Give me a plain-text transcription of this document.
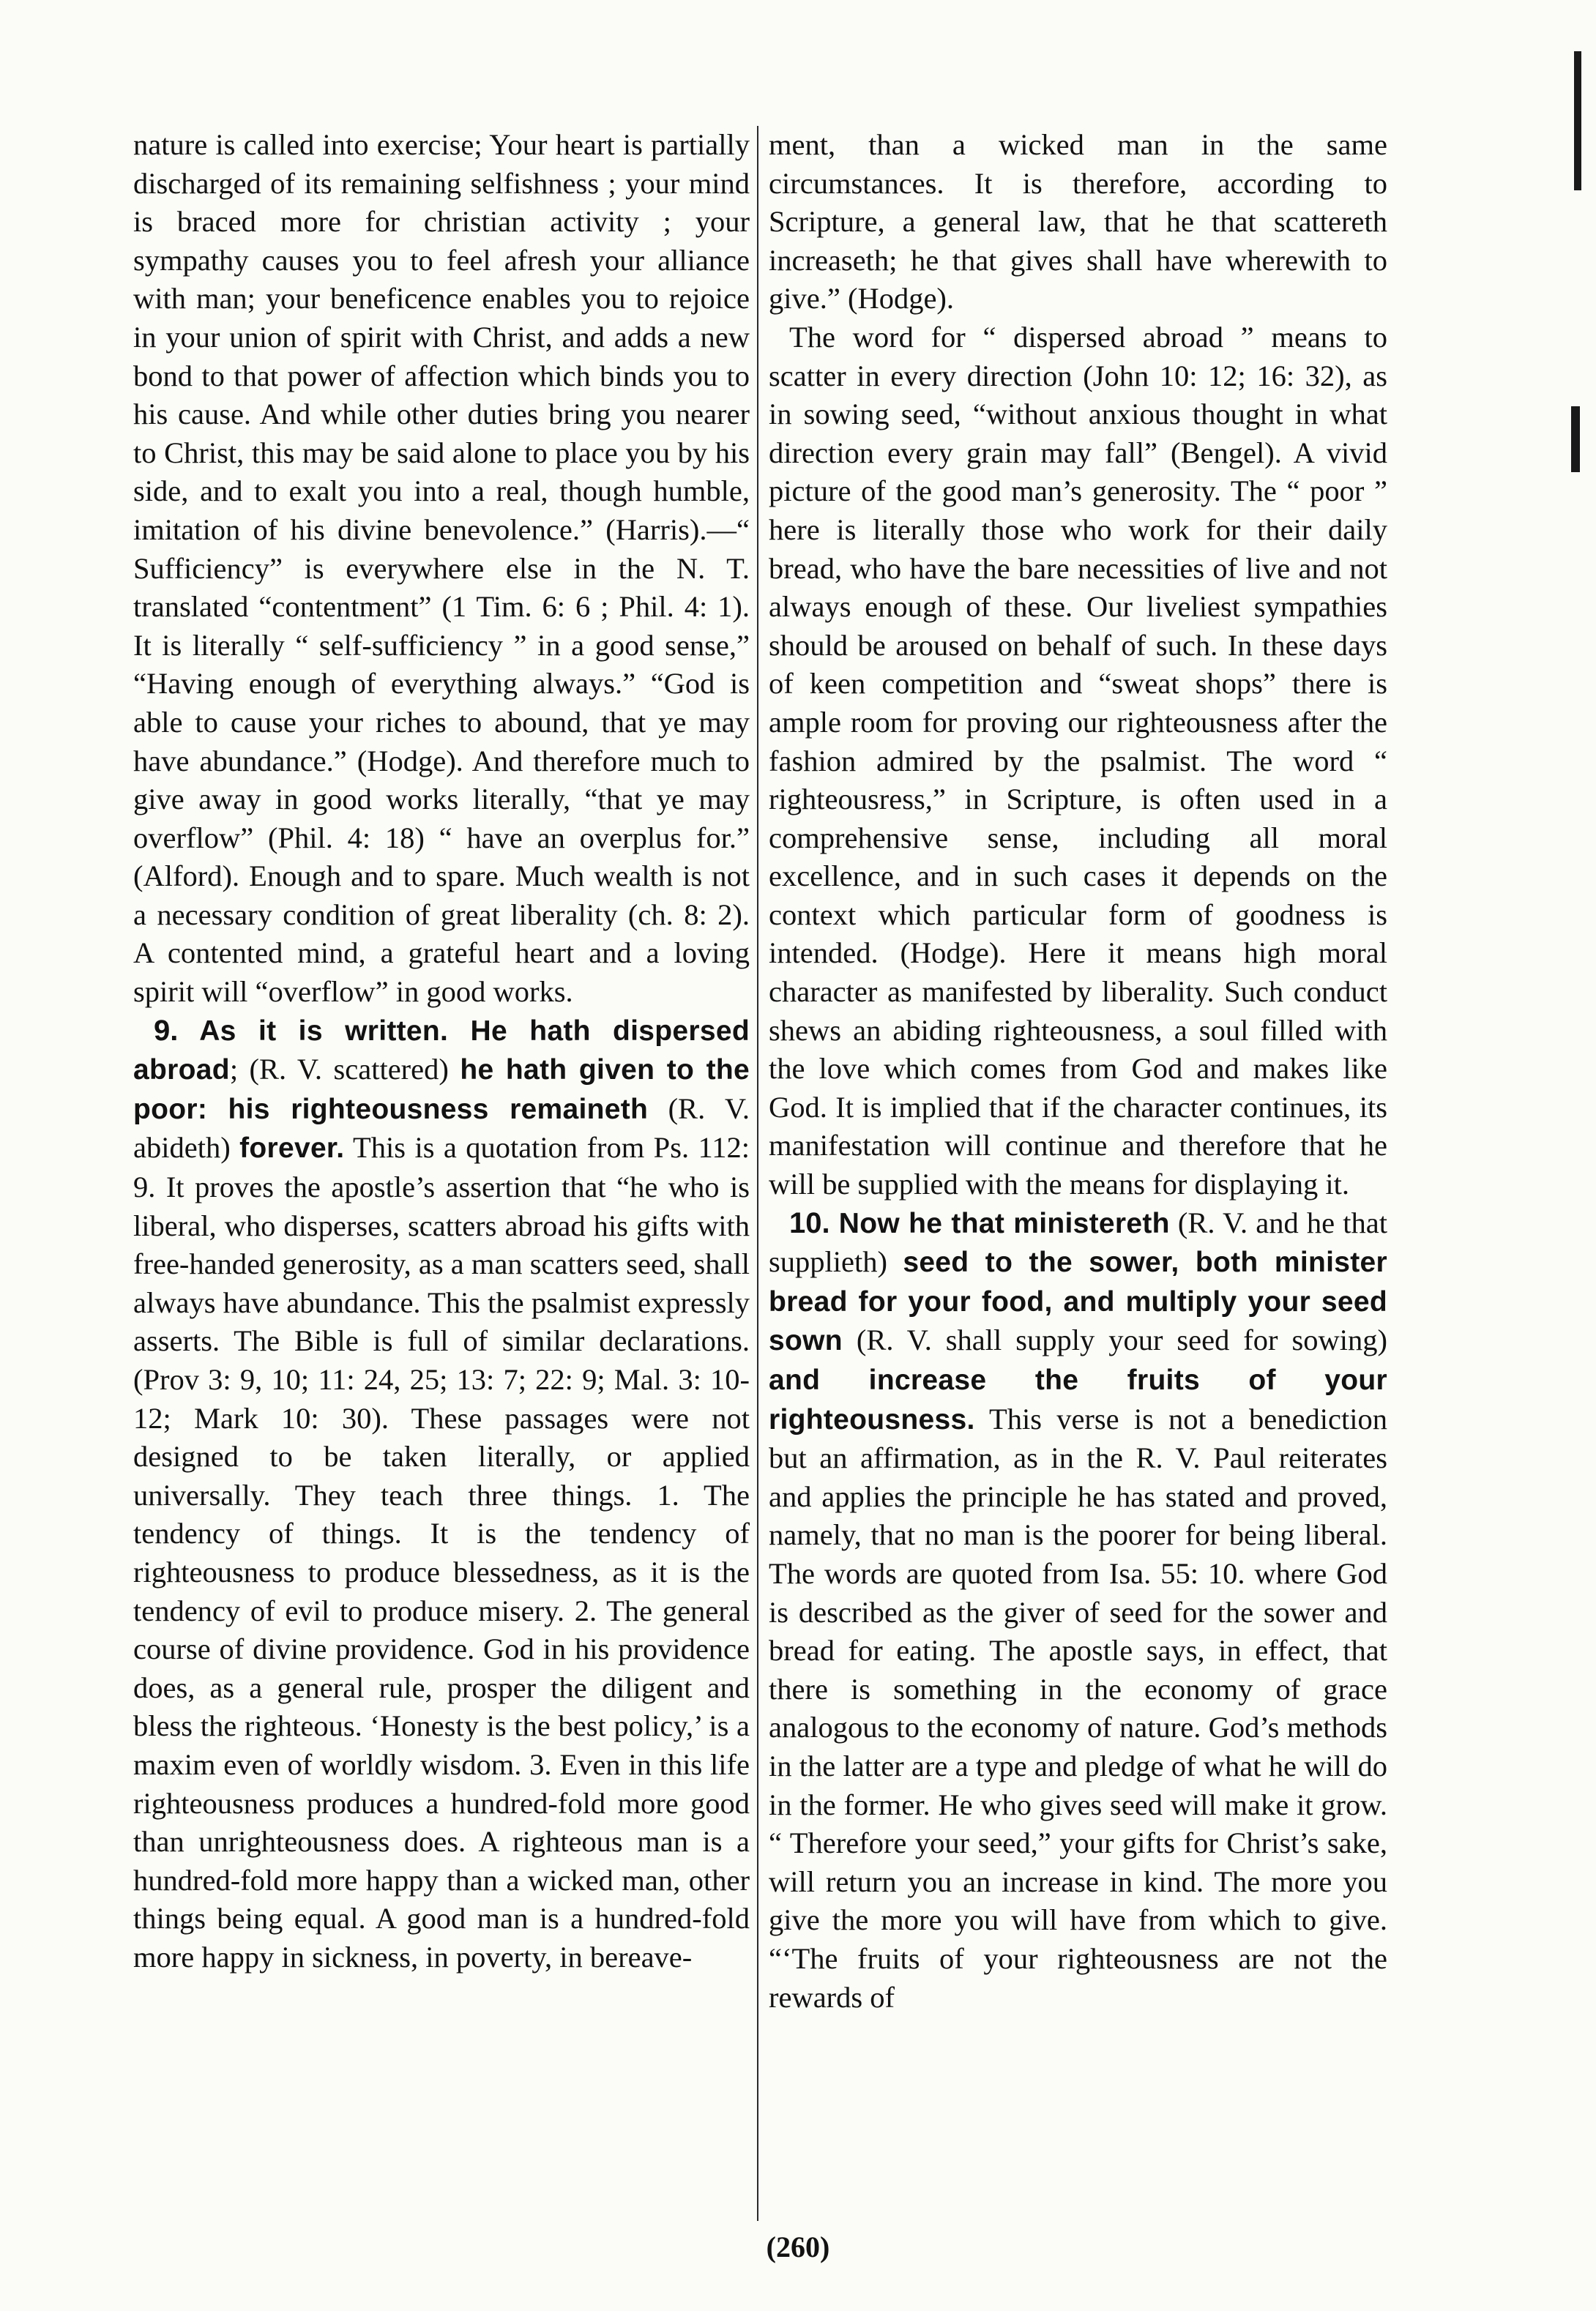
nature is called into exercise; Your heart is partially discharged of its remaining selfishness ; your mind is braced more for christian activity ; your sympathy causes you to feel afresh your alliance with man; your beneficence enables you to rejoice in your union of spirit with Christ, and adds a new bond to that power of affection which binds you to his cause. And while other duties bring you nearer to Christ, this may be said alone to place you by his side, and to exalt you into a real, though humble, imitation of his divine benevolence.” (Harris).—“ Sufficiency” is everywhere else in the N. T. translated “contentment” (1 Tim. 6: 6 ; Phil. 4: 1). It is literally “ self-sufficiency ” in a good sense,” “Having enough of everything always.” “God is able to cause your riches to abound, that ye may have abundance.” (Hodge). And therefore much to give away in good works literally, “that ye may overflow” (Phil. 4: 18) “ have an overplus for.” (Alford). Enough and to spare. Much wealth is not a necessary condition of great liberality (ch. 8: 2). A contented mind, a grateful heart and a loving spirit will “overflow” in good works.

9. As it is written. He hath dispersed abroad; (R. V. scattered) he hath given to the poor: his righteousness remaineth (R. V. abideth) forever. This is a quotation from Ps. 112: 9. It proves the apostle’s assertion that “he who is liberal, who disperses, scatters abroad his gifts with free-handed generosity, as a man scatters seed, shall always have abundance. This the psalmist expressly asserts. The Bible is full of similar declarations. (Prov 3: 9, 10; 11: 24, 25; 13: 7; 22: 9; Mal. 3: 10-12; Mark 10: 30). These passages were not designed to be taken literally, or applied universally. They teach three things. 1. The tendency of things. It is the tendency of righteousness to produce blessedness, as it is the tendency of evil to produce misery. 2. The general course of divine providence. God in his providence does, as a general rule, prosper the diligent and bless the righteous. ‘Honesty is the best policy,’ is a maxim even of worldly wisdom. 3. Even in this life righteousness produces a hundred-fold more good than unrighteousness does. A righteous man is a hundred-fold more happy than a wicked man, other things being equal. A good man is a hundred-fold more happy in sickness, in poverty, in bereave-

ment, than a wicked man in the same circumstances. It is therefore, according to Scripture, a general law, that he that scattereth increaseth; he that gives shall have wherewith to give.” (Hodge).

The word for “ dispersed abroad ” means to scatter in every direction (John 10: 12; 16: 32), as in sowing seed, “without anxious thought in what direction every grain may fall” (Bengel). A vivid picture of the good man’s generosity. The “ poor ” here is literally those who work for their daily bread, who have the bare necessities of live and not always enough of these. Our liveliest sympathies should be aroused on behalf of such. In these days of keen competition and “sweat shops” there is ample room for proving our righteousness after the fashion admired by the psalmist. The word “ righteousress,” in Scripture, is often used in a comprehensive sense, including all moral excellence, and in such cases it depends on the context which particular form of goodness is intended. (Hodge). Here it means high moral character as manifested by liberality. Such conduct shews an abiding righteousness, a soul filled with the love which comes from God and makes like God. It is implied that if the character continues, its manifestation will continue and therefore that he will be supplied with the means for displaying it.

10. Now he that ministereth (R. V. and he that supplieth) seed to the sower, both minister bread for your food, and multiply your seed sown (R. V. shall supply your seed for sowing) and increase the fruits of your righteousness. This verse is not a benediction but an affirmation, as in the R. V. Paul reiterates and applies the principle he has stated and proved, namely, that no man is the poorer for being liberal. The words are quoted from Isa. 55: 10. where God is described as the giver of seed for the sower and bread for eating. The apostle says, in effect, that there is something in the economy of grace analogous to the economy of nature. God’s methods in the latter are a type and pledge of what he will do in the former. He who gives seed will make it grow. “ Therefore your seed,” your gifts for Christ’s sake, will return you an increase in kind. The more you give the more you will have from which to give. “‘The fruits of your righteousness are not the rewards of

(260)
